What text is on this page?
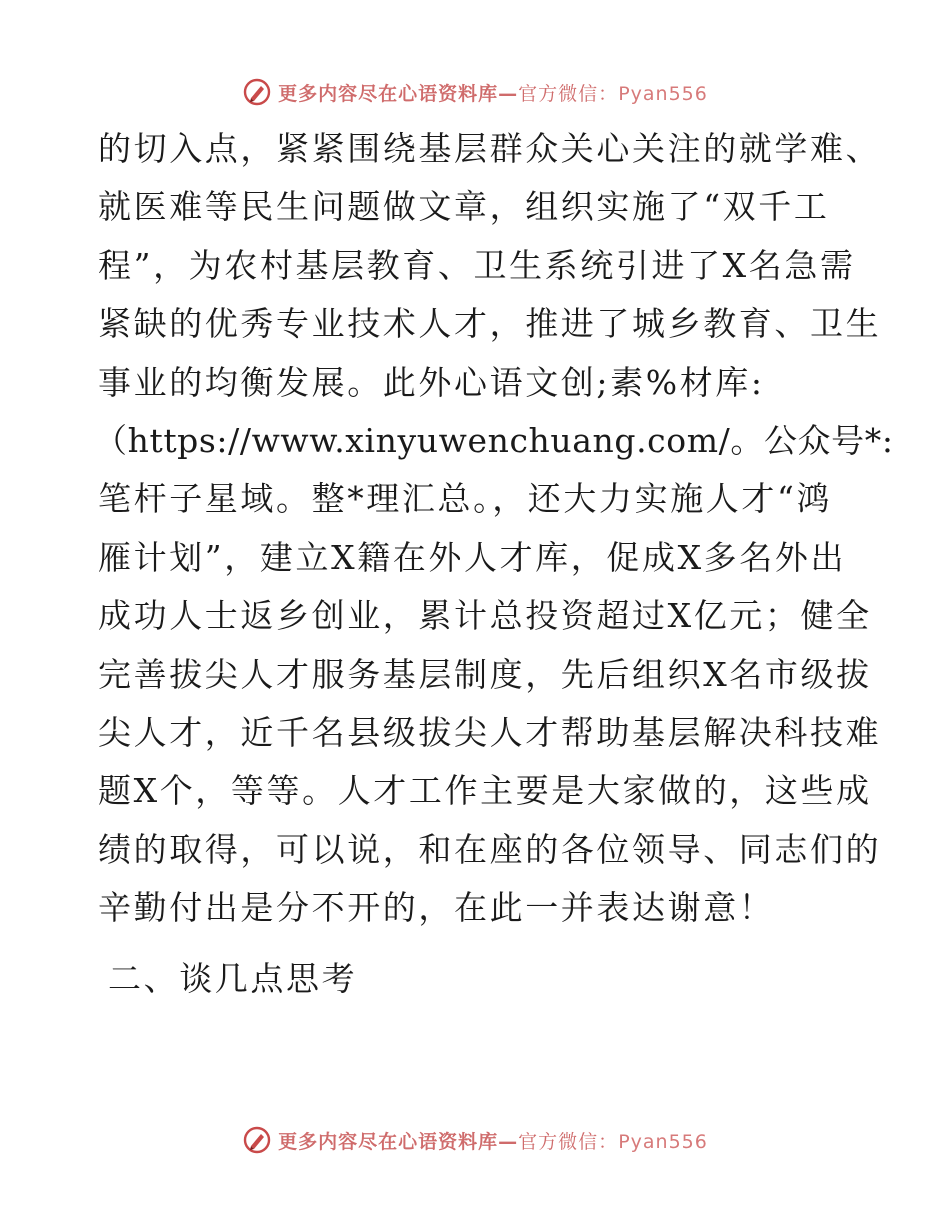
更多内容尽在心语资料库—官方微信：Pyan556
的切入点，紧紧围绕基层群众关心关注的就学难、
就医难等民生问题做文章，组织实施了“双千工
程”，为农村基层教育、卫生系统引进了X名急需
紧缺的优秀专业技术人才，推进了城乡教育、卫生
事业的均衡发展。此外心语文创;素%材库:
（https://www.xinyuwenchuang.com/。公众号*:
笔杆子星域。整*理汇总。，还大力实施人才“鸿
雁计划”，建立X籍在外人才库，促成X多名外出
成功人士返乡创业，累计总投资超过X亿元；健全
完善拔尖人才服务基层制度，先后组织X名市级拔
尖人才，近千名县级拔尖人才帮助基层解决科技难
题X个，等等。人才工作主要是大家做的，这些成
绩的取得，可以说，和在座的各位领导、同志们的
辛勤付出是分不开的，在此一并表达谢意！
二、谈几点思考
更多内容尽在心语资料库—官方微信：Pyan556
